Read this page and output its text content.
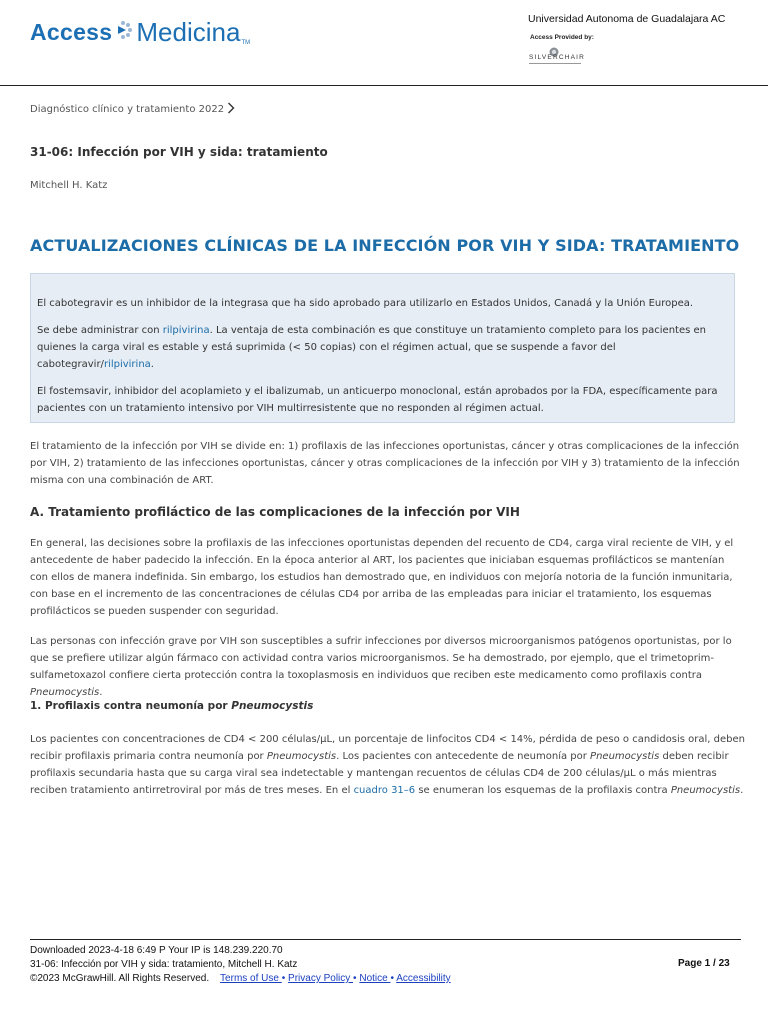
Access Medicina TM
Universidad Autonoma de Guadalajara AC
Access Provided by:
SILVERCHAIR
Diagnóstico clínico y tratamiento 2022
31-06: Infección por VIH y sida: tratamiento
Mitchell H. Katz
ACTUALIZACIONES CLÍNICAS DE LA INFECCIÓN POR VIH Y SIDA: TRATAMIENTO

El cabotegravir es un inhibidor de la integrasa que ha sido aprobado para utilizarlo en Estados Unidos, Canadá y la Unión Europea.

Se debe administrar con rilpivirina. La ventaja de esta combinación es que constituye un tratamiento completo para los pacientes en quienes la carga viral es estable y está suprimida (< 50 copias) con el régimen actual, que se suspende a favor del cabotegravir/rilpivirina.

El fostemsavir, inhibidor del acoplamieto y el ibalizumab, un anticuerpo monoclonal, están aprobados por la FDA, específicamente para pacientes con un tratamiento intensivo por VIH multirresistente que no responden al régimen actual.

El tratamiento de la infección por VIH se divide en: 1) profilaxis de las infecciones oportunistas, cáncer y otras complicaciones de la infección por VIH, 2) tratamiento de las infecciones oportunistas, cáncer y otras complicaciones de la infección por VIH y 3) tratamiento de la infección misma con una combinación de ART.

A. Tratamiento profiláctico de las complicaciones de la infección por VIH

En general, las decisiones sobre la profilaxis de las infecciones oportunistas dependen del recuento de CD4, carga viral reciente de VIH, y el antecedente de haber padecido la infección. En la época anterior al ART, los pacientes que iniciaban esquemas profilácticos se mantenían con ellos de manera indefinida. Sin embargo, los estudios han demostrado que, en individuos con mejoría notoria de la función inmunitaria, con base en el incremento de las concentraciones de células CD4 por arriba de las empleadas para iniciar el tratamiento, los esquemas profilácticos se pueden suspender con seguridad.

Las personas con infección grave por VIH son susceptibles a sufrir infecciones por diversos microorganismos patógenos oportunistas, por lo que se prefiere utilizar algún fármaco con actividad contra varios microorganismos. Se ha demostrado, por ejemplo, que el trimetoprim-sulfametoxazol confiere cierta protección contra la toxoplasmosis en individuos que reciben este medicamento como profilaxis contra Pneumocystis.

1. Profilaxis contra neumonía por Pneumocystis

Los pacientes con concentraciones de CD4 < 200 células/µL, un porcentaje de linfocitos CD4 < 14%, pérdida de peso o candidosis oral, deben recibir profilaxis primaria contra neumonía por Pneumocystis. Los pacientes con antecedente de neumonía por Pneumocystis deben recibir profilaxis secundaria hasta que su carga viral sea indetectable y mantengan recuentos de células CD4 de 200 células/µL o más mientras reciben tratamiento antirretroviral por más de tres meses. En el cuadro 31–6 se enumeran los esquemas de la profilaxis contra Pneumocystis.

Downloaded 2023-4-18 6:49 P Your IP is 148.239.220.70
31-06: Infección por VIH y sida: tratamiento, Mitchell H. Katz
©2023 McGrawHill. All Rights Reserved. Terms of Use • Privacy Policy • Notice • Accessibility
Page 1 / 23
